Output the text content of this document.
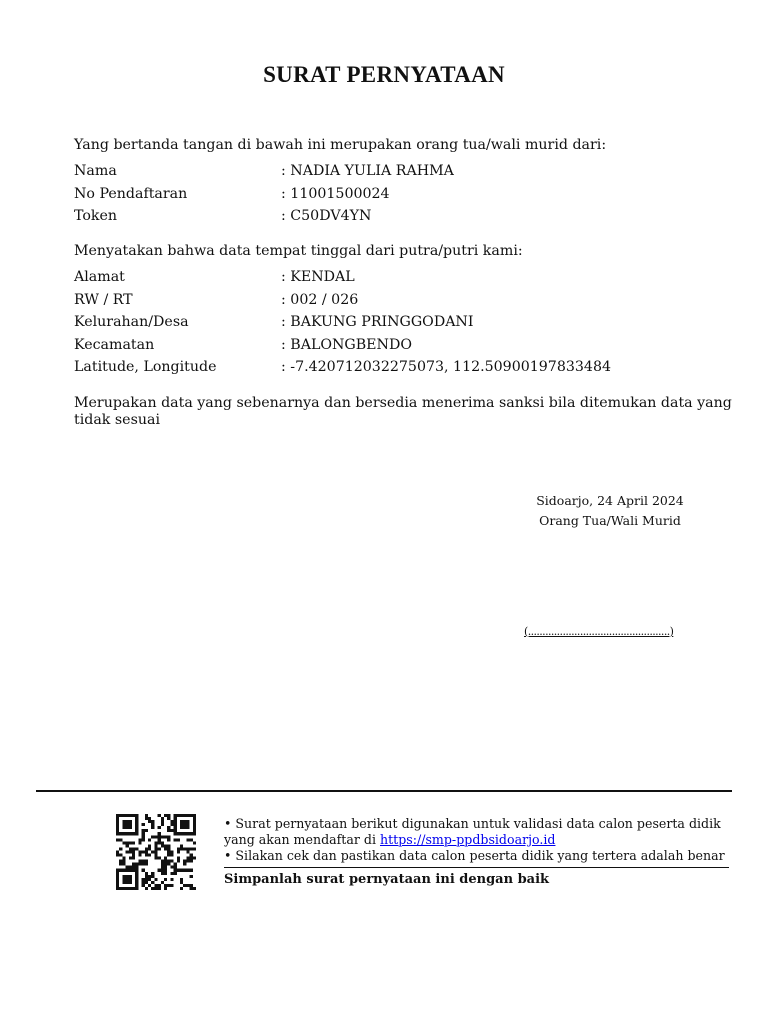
SURAT PERNYATAAN
Yang bertanda tangan di bawah ini merupakan orang tua/wali murid dari:
Nama	: NADIA YULIA RAHMA
No Pendaftaran	: 11001500024
Token	: C50DV4YN
Menyatakan bahwa data tempat tinggal dari putra/putri kami:
Alamat	: KENDAL
RW / RT	: 002 / 026
Kelurahan/Desa	: BAKUNG PRINGGODANI
Kecamatan	: BALONGBENDO
Latitude, Longitude	: -7.420712032275073, 112.50900197833484
Merupakan data yang sebenarnya dan bersedia menerima sanksi bila ditemukan data yang tidak sesuai
Sidoarjo, 24 April 2024
Orang Tua/Wali Murid
(.................................................)
• Surat pernyataan berikut digunakan untuk validasi data calon peserta didik yang akan mendaftar di https://smp-ppdbsidoarjo.id
• Silakan cek dan pastikan data calon peserta didik yang tertera adalah benar
Simpanlah surat pernyataan ini dengan baik
